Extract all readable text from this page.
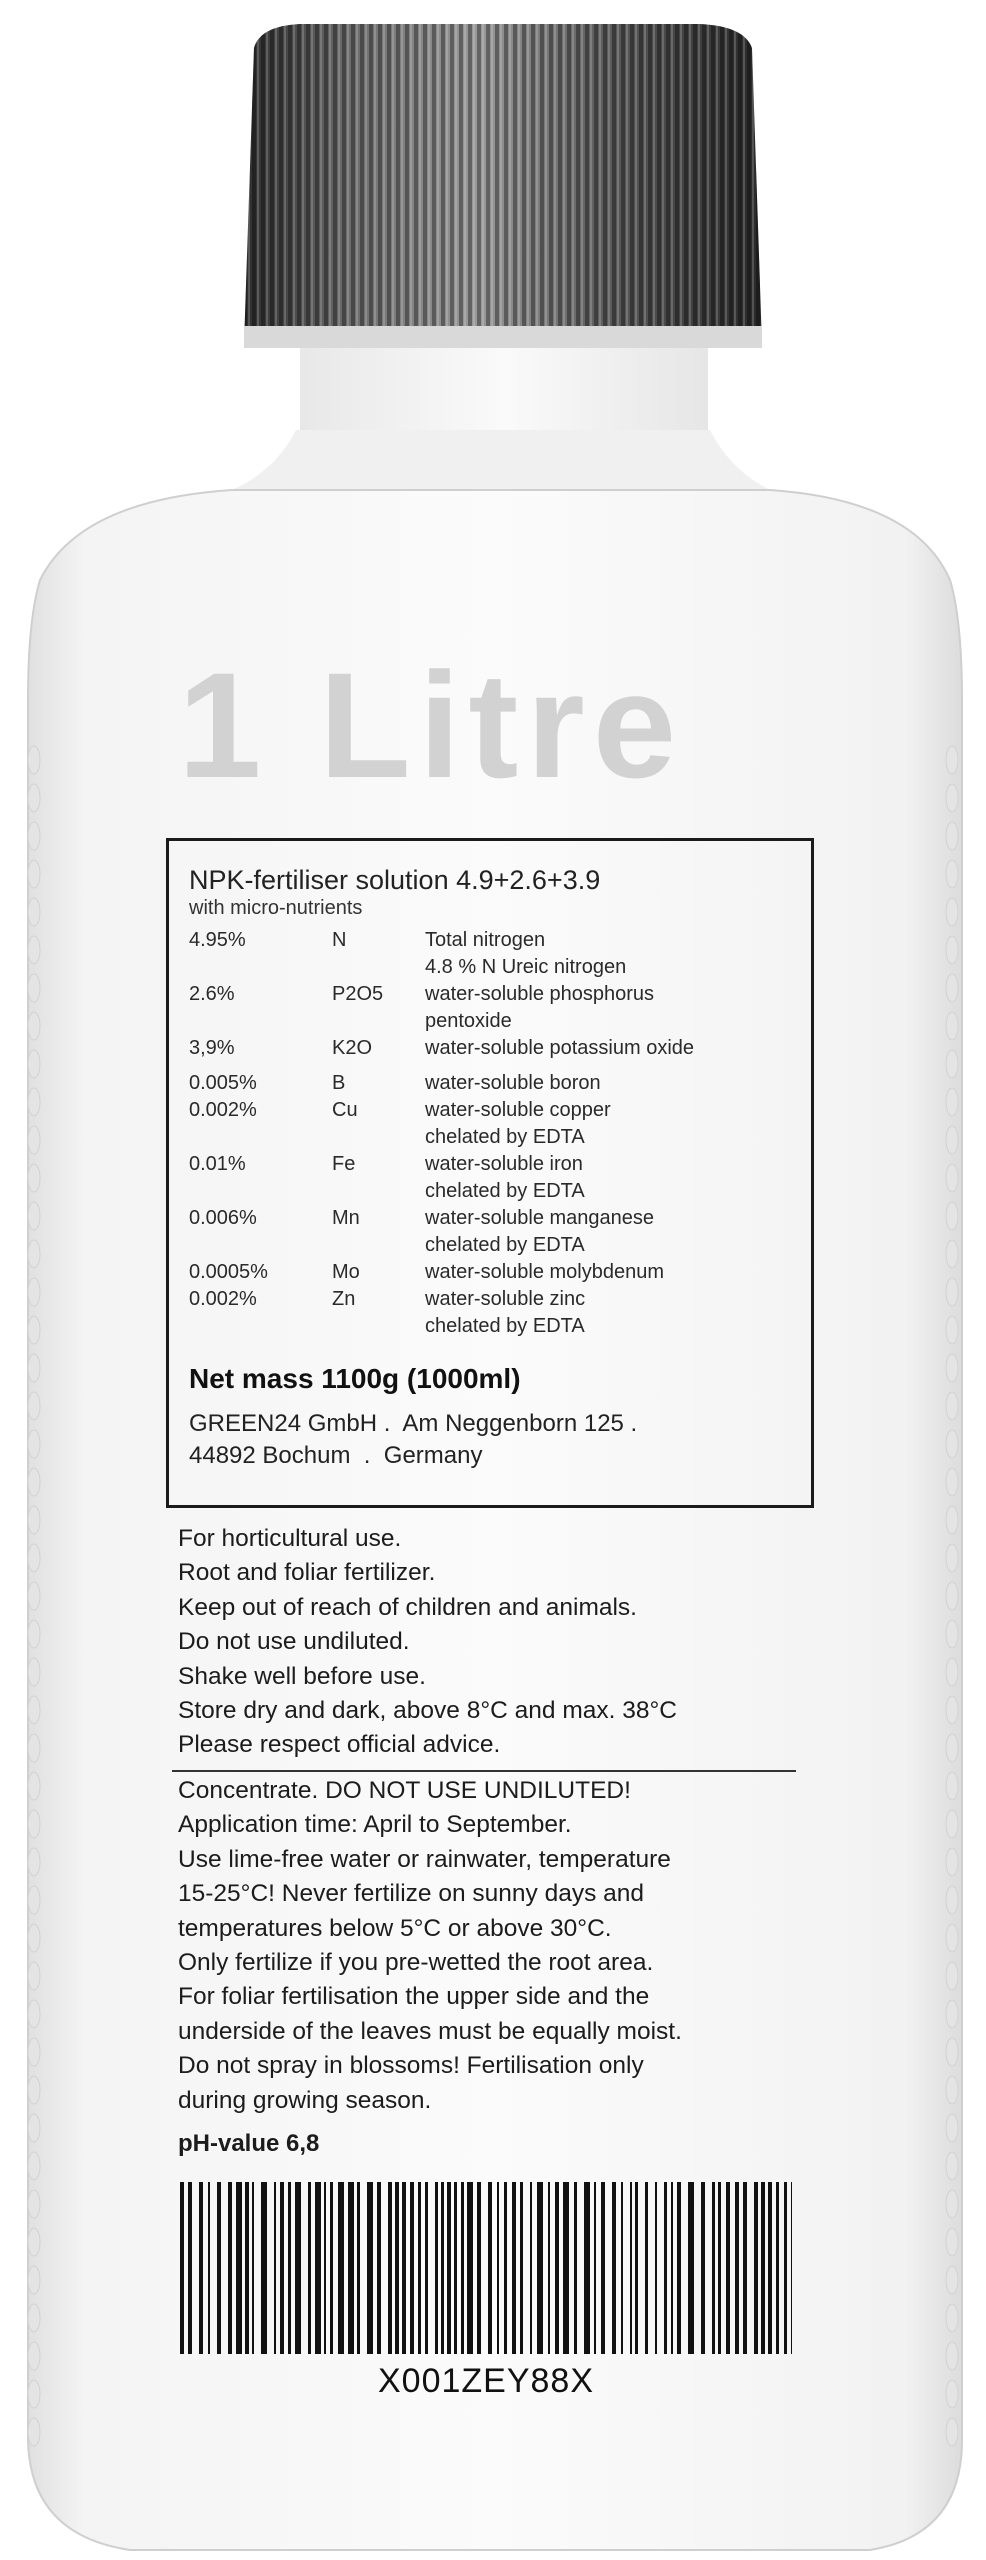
1 Litre
NPK-fertiliser solution 4.9+2.6+3.9
with micro-nutrients
4.95%	N	Total nitrogen
4.8 % N Ureic nitrogen
2.6%	P2O5	water-soluble phosphorus
pentoxide
3,9%	K2O	water-soluble potassium oxide
0.005%	B	water-soluble boron
0.002%	Cu	water-soluble copper
chelated by EDTA
0.01%	Fe	water-soluble iron
chelated by EDTA
0.006%	Mn	water-soluble manganese
chelated by EDTA
0.0005%	Mo	water-soluble molybdenum
0.002%	Zn	water-soluble zinc
chelated by EDTA
Net mass 1100g (1000ml)
GREEN24 GmbH .  Am Neggenborn 125 .
44892 Bochum  .  Germany
For horticultural use.
Root and foliar fertilizer.
Keep out of reach of children and animals.
Do not use undiluted.
Shake well before use.
Store dry and dark, above 8°C and max. 38°C
Please respect official advice.
Concentrate. DO NOT USE UNDILUTED!
Application time: April to September.
Use lime-free water or rainwater, temperature
15-25°C! Never fertilize on sunny days and
temperatures below 5°C or above 30°C.
Only fertilize if you pre-wetted the root area.
For foliar fertilisation the upper side and the
underside of the leaves must be equally moist.
Do not spray in blossoms! Fertilisation only
during growing season.
pH-value 6,8
X001ZEY88X
